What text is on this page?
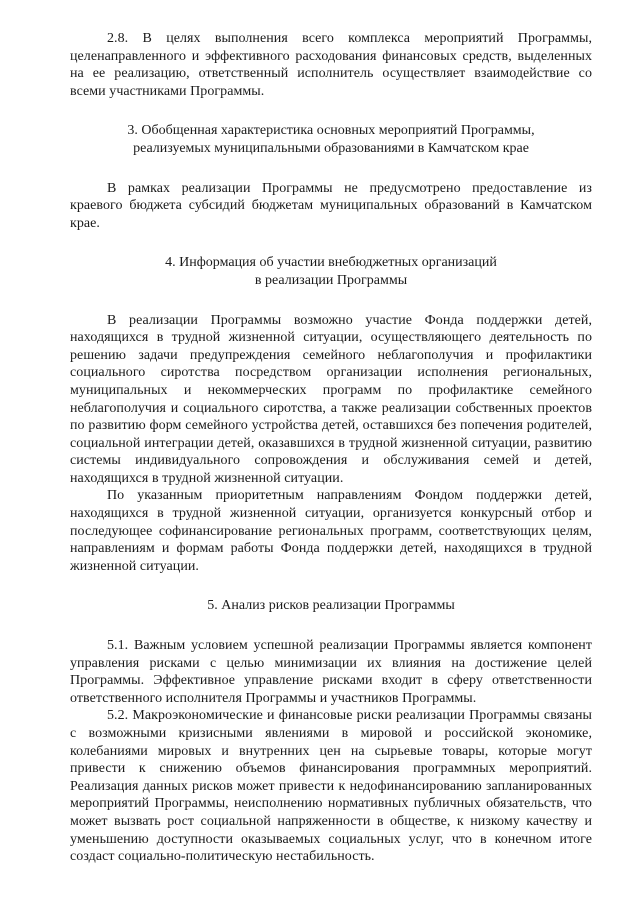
2.8. В целях выполнения всего комплекса мероприятий Программы, целенаправленного и эффективного расходования финансовых средств, выделенных на ее реализацию, ответственный исполнитель осуществляет взаимодействие со всеми участниками Программы.

3. Обобщенная характеристика основных мероприятий Программы,
реализуемых муниципальными образованиями в Камчатском крае

В рамках реализации Программы не предусмотрено предоставление из краевого бюджета субсидий бюджетам муниципальных образований в Камчатском крае.

4. Информация об участии внебюджетных организаций
в реализации Программы

В реализации Программы возможно участие Фонда поддержки детей, находящихся в трудной жизненной ситуации, осуществляющего деятельность по решению задачи предупреждения семейного неблагополучия и профилактики социального сиротства посредством организации исполнения региональных, муниципальных и некоммерческих программ по профилактике семейного неблагополучия и социального сиротства, а также реализации собственных проектов по развитию форм семейного устройства детей, оставшихся без попечения родителей, социальной интеграции детей, оказавшихся в трудной жизненной ситуации, развитию системы индивидуального сопровождения и обслуживания семей и детей, находящихся в трудной жизненной ситуации.

По указанным приоритетным направлениям Фондом поддержки детей, находящихся в трудной жизненной ситуации, организуется конкурсный отбор и последующее софинансирование региональных программ, соответствующих целям, направлениям и формам работы Фонда поддержки детей, находящихся в трудной жизненной ситуации.

5. Анализ рисков реализации Программы

5.1. Важным условием успешной реализации Программы является компонент управления рисками с целью минимизации их влияния на достижение целей Программы. Эффективное управление рисками входит в сферу ответственности ответственного исполнителя Программы и участников Программы.

5.2. Макроэкономические и финансовые риски реализации Программы связаны с возможными кризисными явлениями в мировой и российской экономике, колебаниями мировых и внутренних цен на сырьевые товары, которые могут привести к снижению объемов финансирования программных мероприятий. Реализация данных рисков может привести к недофинансированию запланированных мероприятий Программы, неисполнению нормативных публичных обязательств, что может вызвать рост социальной напряженности в обществе, к низкому качеству и уменьшению доступности оказываемых социальных услуг, что в конечном итоге создаст социально-политическую нестабильность.
